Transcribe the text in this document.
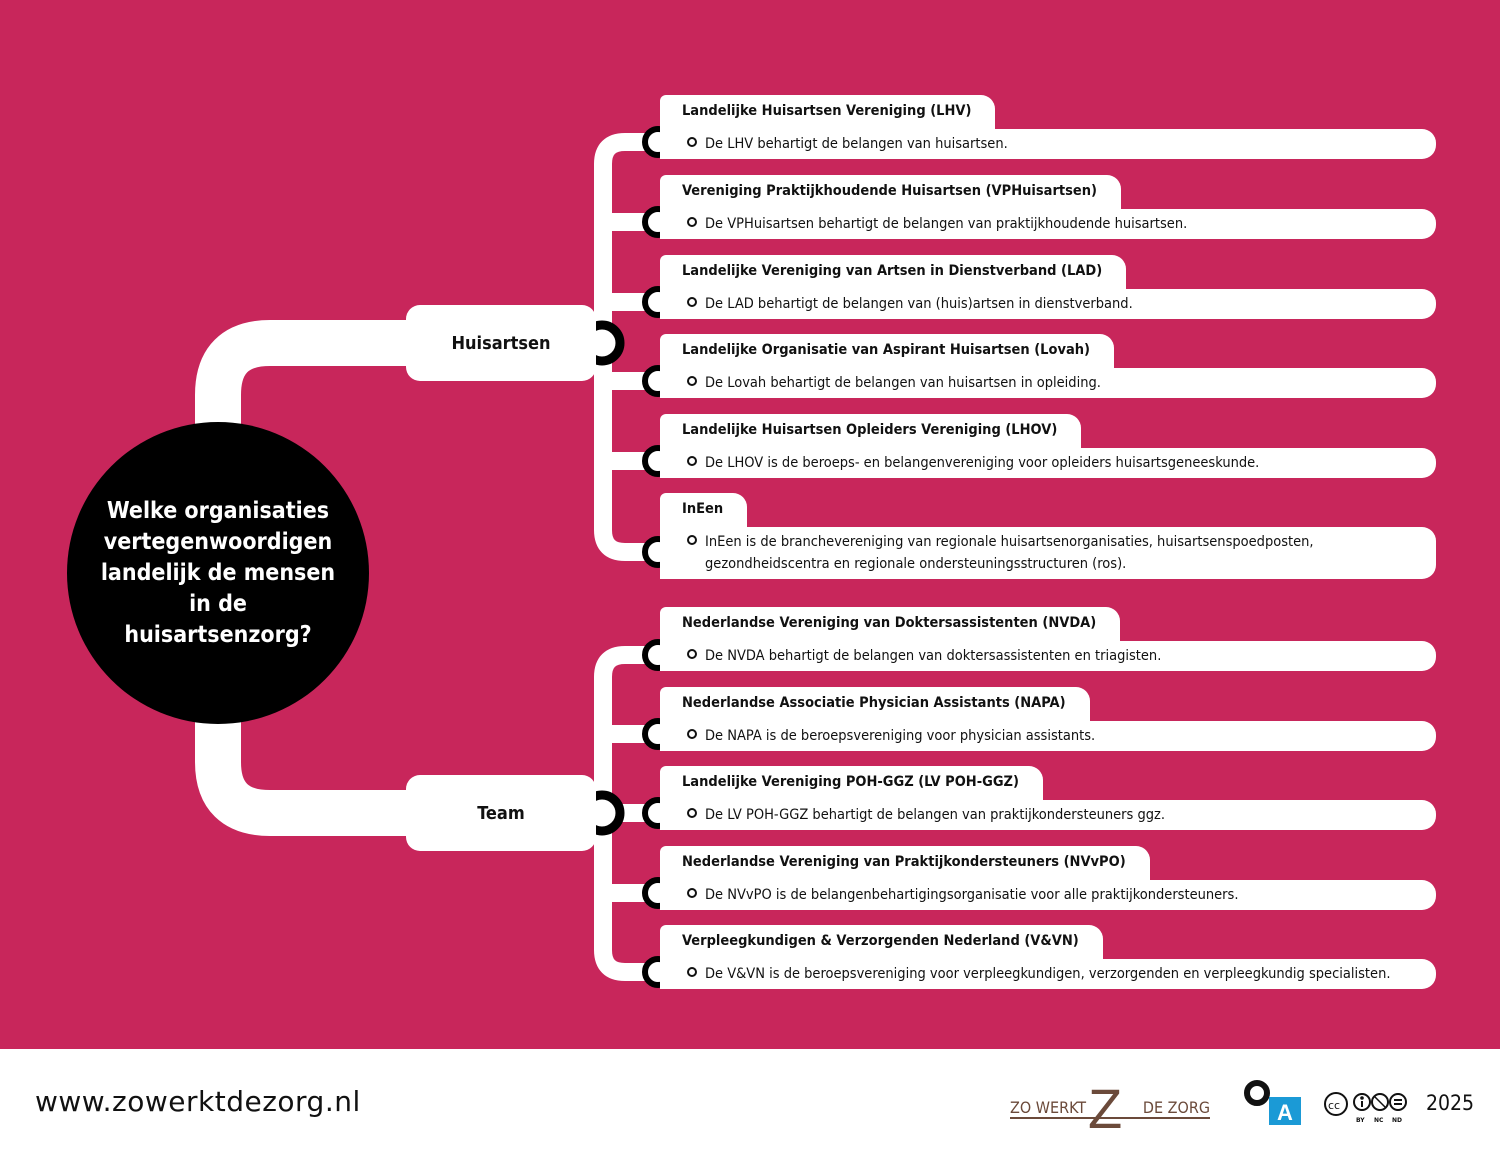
Welke organisaties vertegenwoordigen landelijk de mensen in de huisartsenzorg?
Huisartsen
Team
Landelijke Huisartsen Vereniging (LHV)
De LHV behartigt de belangen van huisartsen.
Vereniging Praktijkhoudende Huisartsen (VPHuisartsen)
De VPHuisartsen behartigt de belangen van praktijkhoudende huisartsen.
Landelijke Vereniging van Artsen in Dienstverband (LAD)
De LAD behartigt de belangen van (huis)artsen in dienstverband.
Landelijke Organisatie van Aspirant Huisartsen (Lovah)
De Lovah behartigt de belangen van huisartsen in opleiding.
Landelijke Huisartsen Opleiders Vereniging (LHOV)
De LHOV is de beroeps- en belangenvereniging voor opleiders huisartsgeneeskunde.
InEen
InEen is de branchevereniging van regionale huisartsenorganisaties, huisartsenspoedposten, gezondheidscentra en regionale ondersteuningsstructuren (ros).
Nederlandse Vereniging van Doktersassistenten (NVDA)
De NVDA behartigt de belangen van doktersassistenten en triagisten.
Nederlandse Associatie Physician Assistants (NAPA)
De NAPA is de beroepsvereniging voor physician assistants.
Landelijke Vereniging POH-GGZ (LV POH-GGZ)
De LV POH-GGZ behartigt de belangen van praktijkondersteuners ggz.
Nederlandse Vereniging van Praktijkondersteuners (NVvPO)
De NVvPO is de belangenbehartigingsorganisatie voor alle praktijkondersteuners.
Verpleegkundigen & Verzorgenden Nederland (V&VN)
De V&VN is de beroepsvereniging voor verpleegkundigen, verzorgenden en verpleegkundig specialisten.
www.zowerktdezorg.nl	Z
ZO WERKT	DE ZORG	A	cc
BY NC ND
2025
